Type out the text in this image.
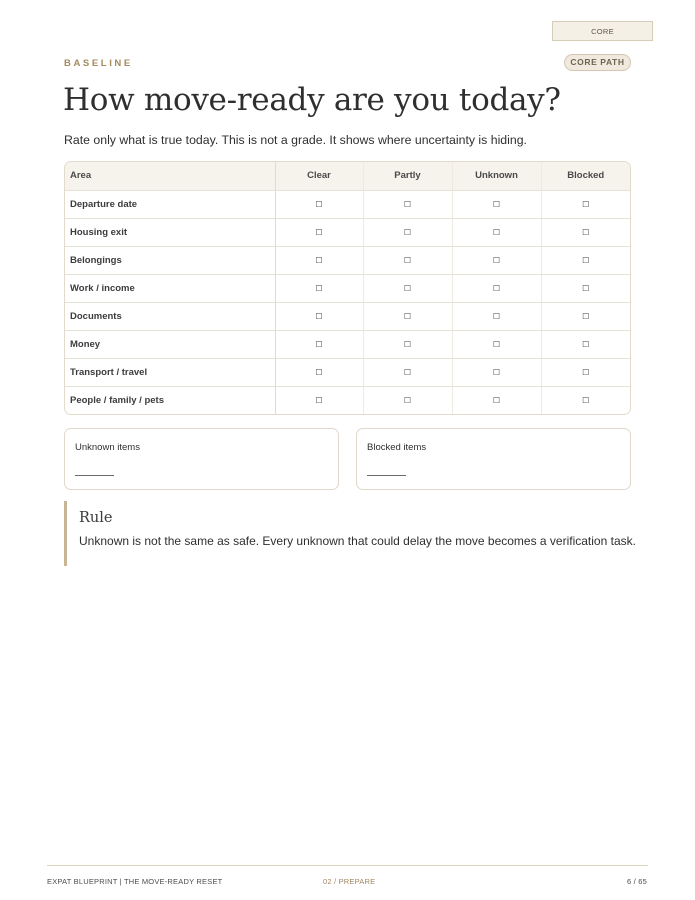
CORE
CORE PATH
BASELINE
How move-ready are you today?

Rate only what is true today. This is not a grade. It shows where uncertainty is hiding.

Area	Clear	Partly	Unknown	Blocked
Departure date	☐	☐	☐	☐
Housing exit	☐	☐	☐	☐
Belongings	☐	☐	☐	☐
Work / income	☐	☐	☐	☐
Documents	☐	☐	☐	☐
Money	☐	☐	☐	☐
Transport / travel	☐	☐	☐	☐
People / family / pets	☐	☐	☐	☐
Unknown items	Blocked items
Rule

Unknown is not the same as safe. Every unknown that could delay the move becomes a verification task.

EXPAT BLUEPRINT | THE MOVE-READY RESET	02 / PREPARE	6 / 65
